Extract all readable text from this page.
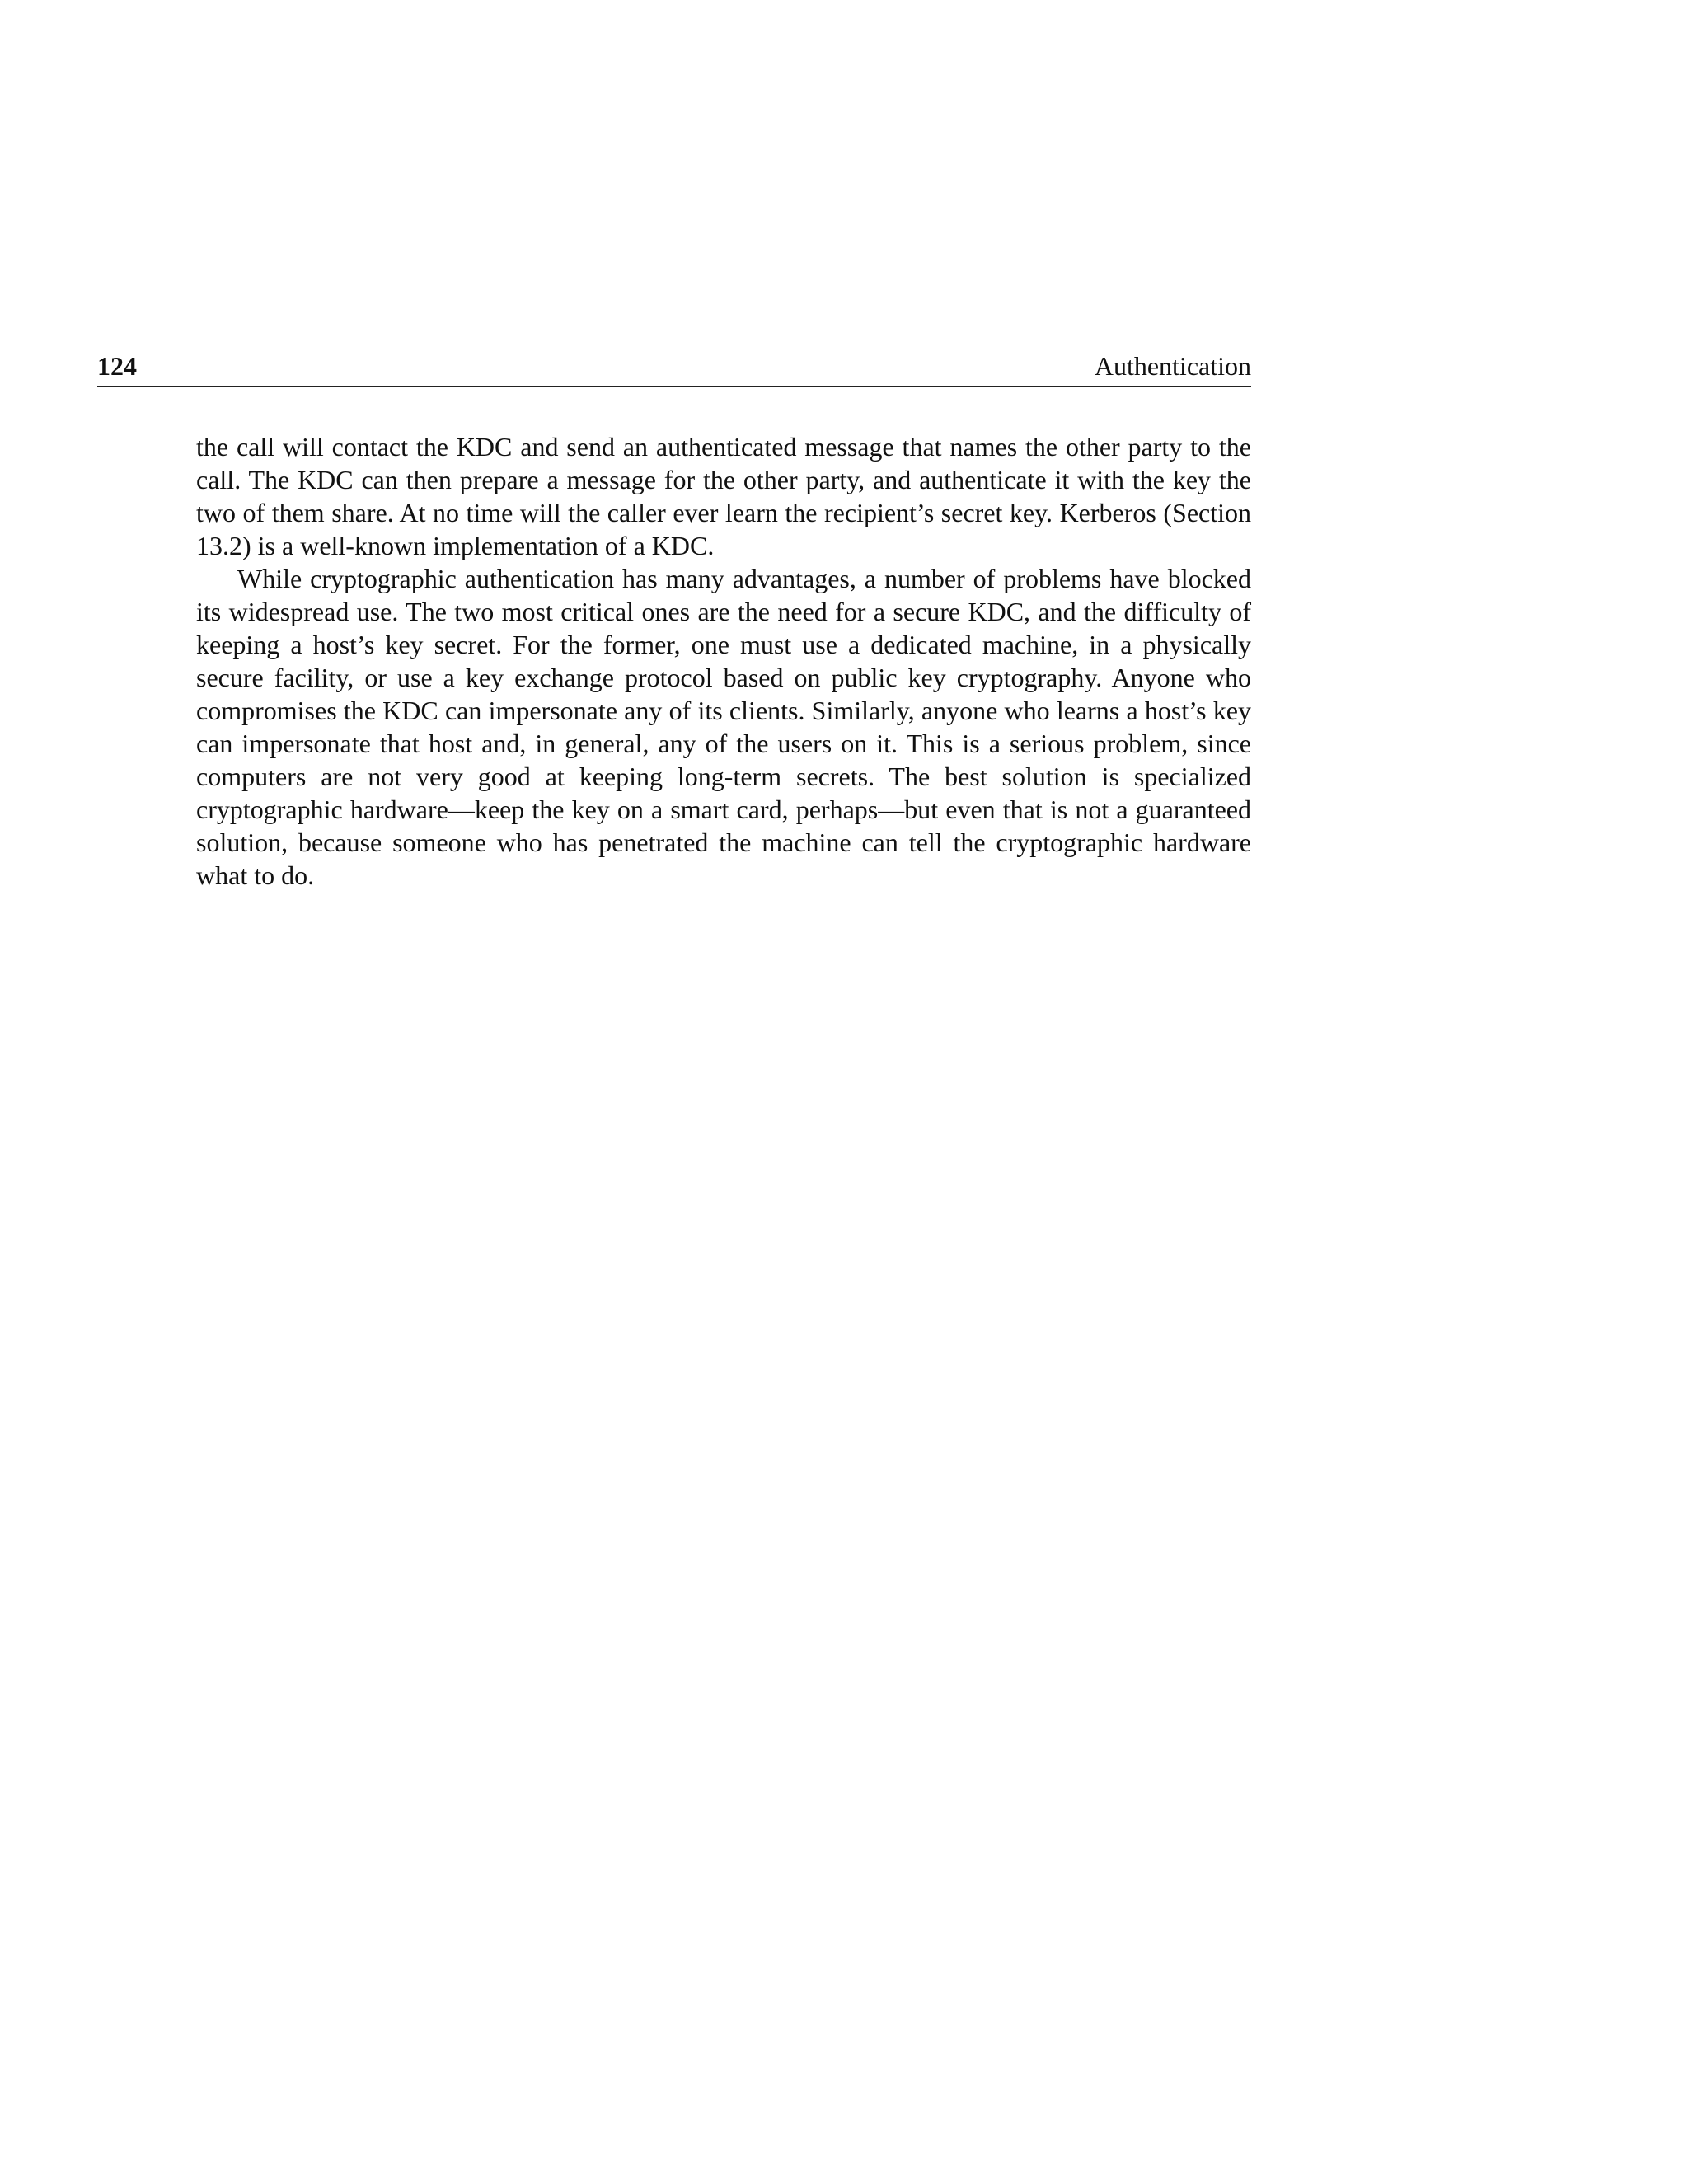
124	Authentication

the call will contact the KDC and send an authenticated message that names the other party to the call. The KDC can then prepare a message for the other party, and authenticate it with the key the two of them share. At no time will the caller ever learn the recipient’s secret key. Kerberos (Section 13.2) is a well-known implementation of a KDC.

While cryptographic authentication has many advantages, a number of problems have blocked its widespread use. The two most critical ones are the need for a secure KDC, and the difficulty of keeping a host’s key secret. For the former, one must use a dedicated machine, in a physically secure facility, or use a key exchange protocol based on public key cryptography. Anyone who compromises the KDC can impersonate any of its clients. Similarly, anyone who learns a host’s key can impersonate that host and, in general, any of the users on it. This is a serious problem, since computers are not very good at keeping long-term secrets. The best solution is specialized cryptographic hardware—keep the key on a smart card, perhaps—but even that is not a guaranteed solution, because someone who has penetrated the machine can tell the cryptographic hardware what to do.
